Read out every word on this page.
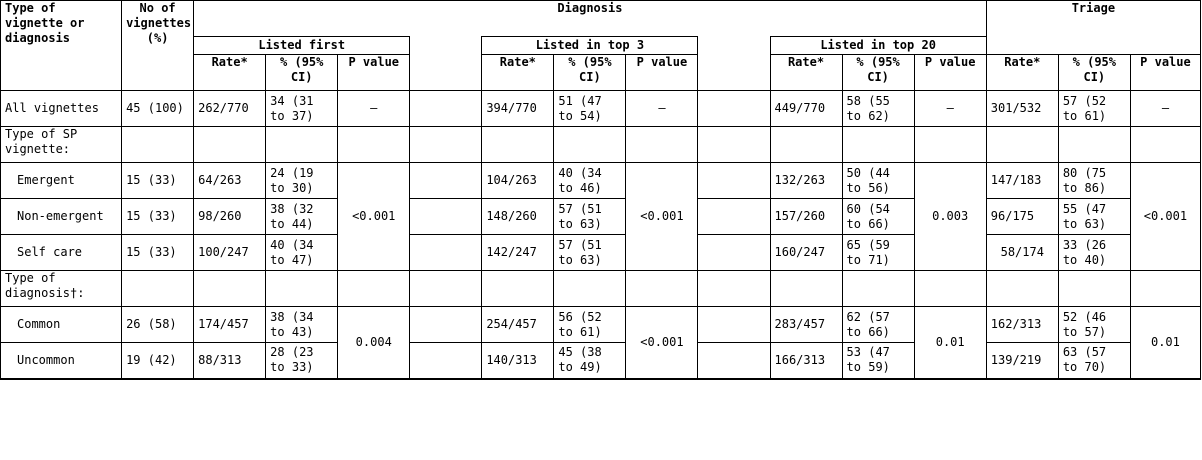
Type of vignette or diagnosis	No of vignettes (%)	Diagnosis											Triage		
		Listed first				Listed in top 3				Listed in top 20					
		Rate*	% (95% CI)	P value		Rate*	% (95% CI)	P value		Rate*	% (95% CI)	P value	Rate*	% (95% CI)	P value
All vignettes	45 (100)	262/770	34 (31 to 37)	—		394/770	51 (47 to 54)	—		449/770	58 (55 to 62)	—	301/532	57 (52 to 61)	—
Type of SP vignette:															
Emergent	15 (33)	64/263	24 (19 to 30)	<0.001		104/263	40 (34 to 46)	<0.001		132/263	50 (44 to 56)	0.003	147/183	80 (75 to 86)	<0.001
Non-emergent	15 (33)	98/260	38 (32 to 44)			148/260	57 (51 to 63)			157/260	60 (54 to 66)		96/175	55 (47 to 63)	
Self care	15 (33)	100/247	40 (34 to 47)			142/247	57 (51 to 63)			160/247	65 (59 to 71)		58/174	33 (26 to 40)	
Type of diagnosis†:															
Common	26 (58)	174/457	38 (34 to 43)	0.004		254/457	56 (52 to 61)	<0.001		283/457	62 (57 to 66)	0.01	162/313	52 (46 to 57)	0.01
Uncommon	19 (42)	88/313	28 (23 to 33)			140/313	45 (38 to 49)			166/313	53 (47 to 59)		139/219	63 (57 to 70)	
